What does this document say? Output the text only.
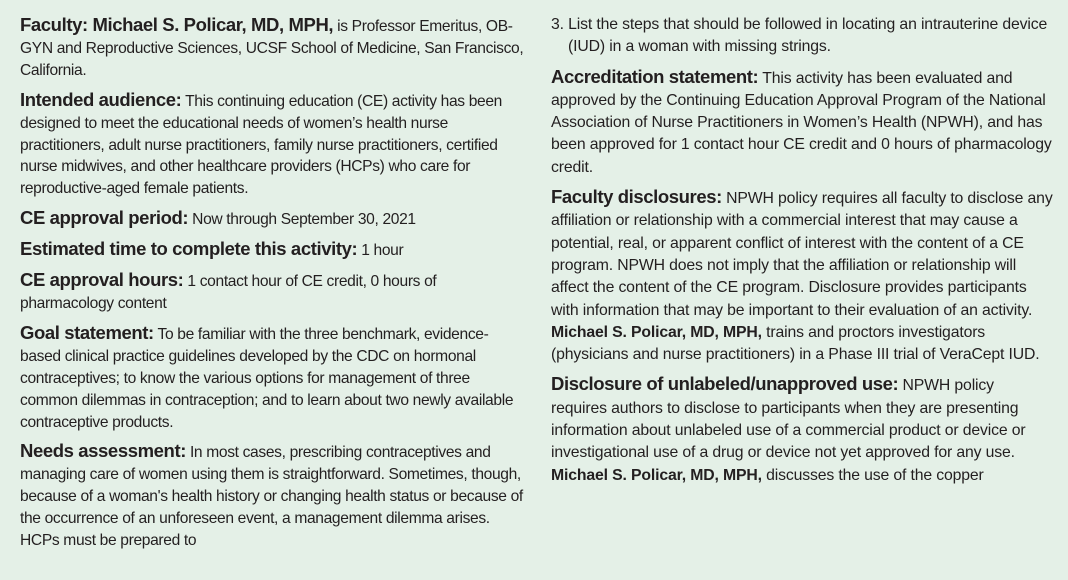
Faculty: Michael S. Policar, MD, MPH, is Professor Emeritus, OB-GYN and Reproductive Sciences, UCSF School of Medicine, San Francisco, California.

Intended audience: This continuing education (CE) activity has been designed to meet the educational needs of women’s health nurse practitioners, adult nurse practitioners, family nurse practitioners, certified nurse midwives, and other healthcare providers (HCPs) who care for reproductive-aged female patients.

CE approval period: Now through September 30, 2021

Estimated time to complete this activity: 1 hour

CE approval hours: 1 contact hour of CE credit, 0 hours of pharmacology content

Goal statement: To be familiar with the three benchmark, evidence-based clinical practice guidelines developed by the CDC on hormonal contraceptives; to know the various options for management of three common dilemmas in contraception; and to learn about two newly available contraceptive products.

Needs assessment: In most cases, prescribing contraceptives and managing care of women using them is straightforward. Sometimes, though, because of a woman's health history or changing health status or because of the occurrence of an unforeseen event, a management dilemma arises. HCPs must be prepared to

3. List the steps that should be followed in locating an intrauterine device (IUD) in a woman with missing strings.

Accreditation statement: This activity has been evaluated and approved by the Continuing Education Approval Program of the National Association of Nurse Practitioners in Women’s Health (NPWH), and has been approved for 1 contact hour CE credit and 0 hours of pharmacology credit.

Faculty disclosures: NPWH policy requires all faculty to disclose any affiliation or relationship with a commercial interest that may cause a potential, real, or apparent conflict of interest with the content of a CE program. NPWH does not imply that the affiliation or relationship will affect the content of the CE program. Disclosure provides participants with information that may be important to their evaluation of an activity.
Michael S. Policar, MD, MPH, trains and proctors investigators (physicians and nurse practitioners) in a Phase III trial of VeraCept IUD.
Disclosure of unlabeled/unapproved use: NPWH policy requires authors to disclose to participants when they are presenting information about unlabeled use of a commercial product or device or investigational use of a drug or device not yet approved for any use.
Michael S. Policar, MD, MPH, discusses the use of the copper
